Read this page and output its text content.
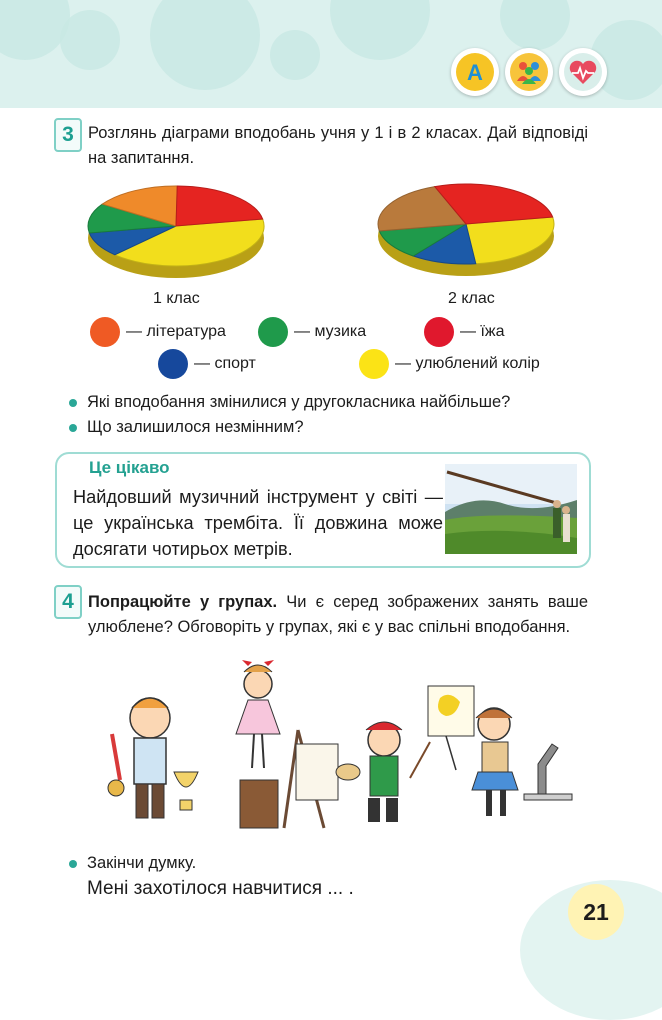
A
3 Розглянь діаграми вподобань учня у 1 і в 2 класах. Дай відповіді на запитання.

1 клас	2 клас
— література	— музика	— їжа
— спорт	— улюблений колір

Які вподобання змінилися у другокласника найбільше?

Що залишилося незмінним?

Це цікаво
Найдовший музичний інструмент у світі — це українська трембіта. Її довжина може досягати чотирьох метрів.
4 Попрацюйте у групах. Чи є серед зображених занять ваше улюблене? Обговоріть у групах, які є у вас спільні вподобання.

Закінчи думку.

Мені захотілося навчитися ... .

21
